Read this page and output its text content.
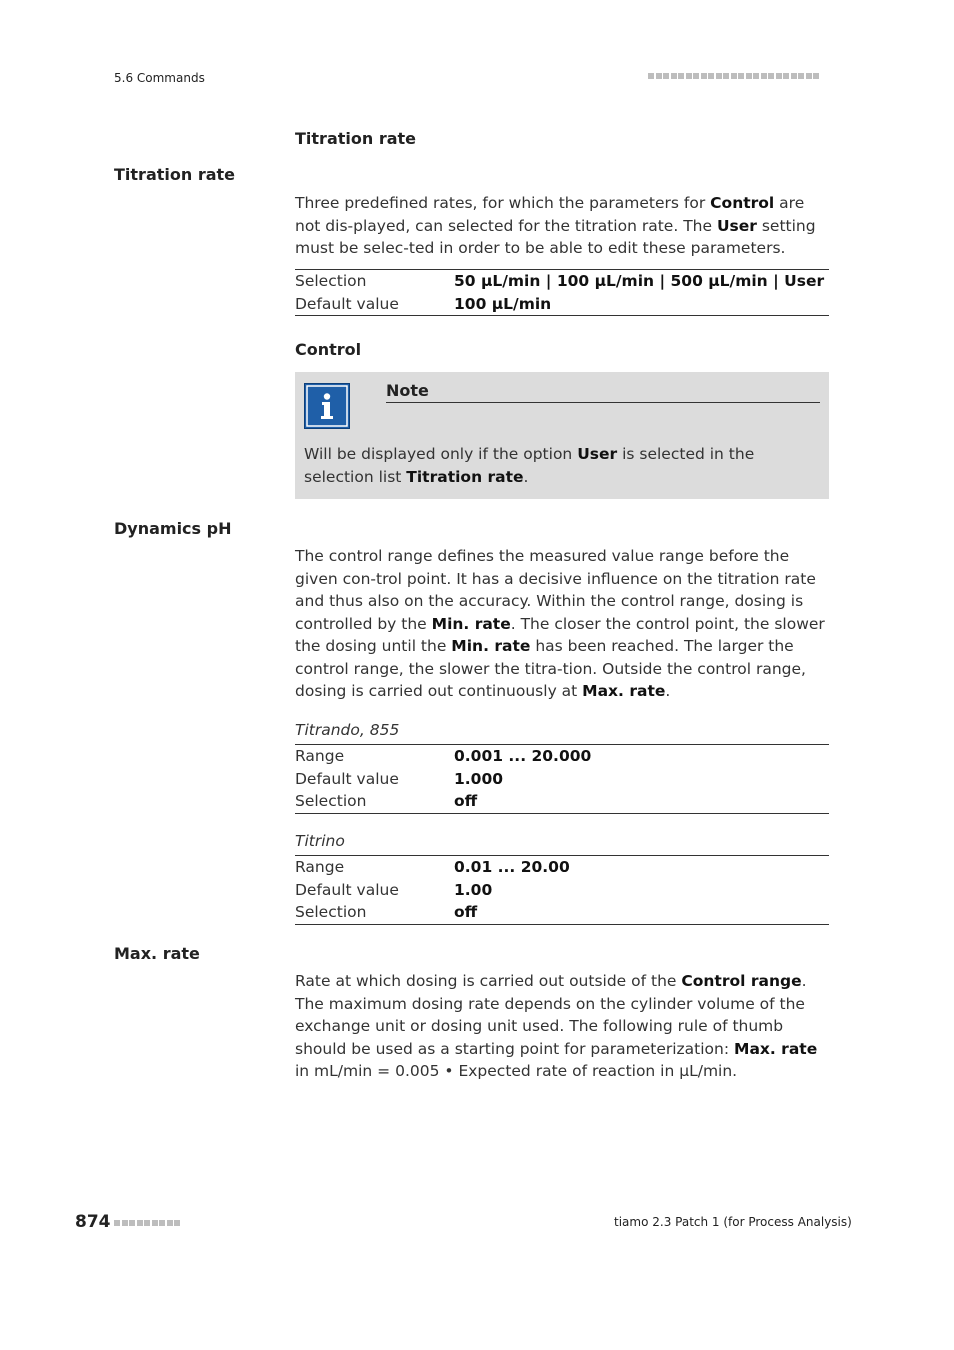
5.6 Commands
Titration rate
Titration rate
Three predefined rates, for which the parameters for Control are not dis-played, can selected for the titration rate. The User setting must be selec-ted in order to be able to edit these parameters.
Selection	50 µL/min | 100 µL/min | 500 µL/min | User
Default value	100 µL/min
Control
Note
Will be displayed only if the option User is selected in the selection list Titration rate.
Dynamics pH
The control range defines the measured value range before the given con-trol point. It has a decisive influence on the titration rate and thus also on the accuracy. Within the control range, dosing is controlled by the Min. rate. The closer the control point, the slower the dosing until the Min. rate has been reached. The larger the control range, the slower the titra-tion. Outside the control range, dosing is carried out continuously at Max. rate.
Titrando, 855
Range	0.001 ... 20.000
Default value	1.000
Selection	off
Titrino
Range	0.01 ... 20.00
Default value	1.00
Selection	off
Max. rate
Rate at which dosing is carried out outside of the Control range. The maximum dosing rate depends on the cylinder volume of the exchange unit or dosing unit used. The following rule of thumb should be used as a starting point for parameterization: Max. rate in mL/min = 0.005 • Expected rate of reaction in µL/min.
874	tiamo 2.3 Patch 1 (for Process Analysis)
